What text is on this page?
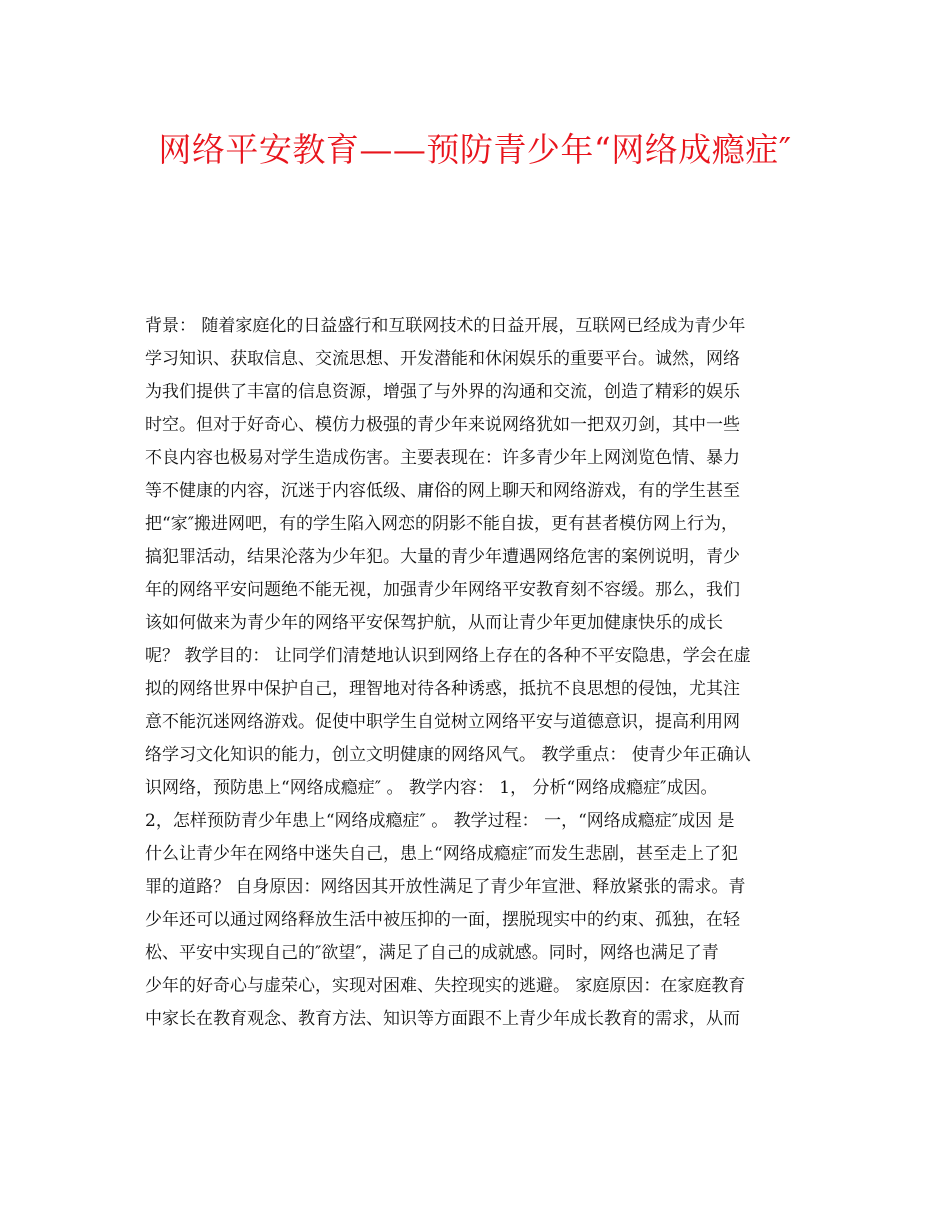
网络平安教育——预防青少年“网络成瘾症″
背景： 随着家庭化的日益盛行和互联网技术的日益开展，互联网已经成为青少年
学习知识、获取信息、交流思想、开发潜能和休闲娱乐的重要平台。诚然，网络
为我们提供了丰富的信息资源，增强了与外界的沟通和交流，创造了精彩的娱乐
时空。但对于好奇心、模仿力极强的青少年来说网络犹如一把双刃剑，其中一些
不良内容也极易对学生造成伤害。主要表现在：许多青少年上网浏览色情、暴力
等不健康的内容，沉迷于内容低级、庸俗的网上聊天和网络游戏，有的学生甚至
把“家″搬进网吧，有的学生陷入网恋的阴影不能自拔，更有甚者模仿网上行为，
搞犯罪活动，结果沦落为少年犯。大量的青少年遭遇网络危害的案例说明，青少
年的网络平安问题绝不能无视，加强青少年网络平安教育刻不容缓。那么，我们
该如何做来为青少年的网络平安保驾护航，从而让青少年更加健康快乐的成长
呢？ 教学目的： 让同学们清楚地认识到网络上存在的各种不平安隐患，学会在虚
拟的网络世界中保护自己，理智地对待各种诱惑，抵抗不良思想的侵蚀，尤其注
意不能沉迷网络游戏。促使中职学生自觉树立网络平安与道德意识，提高利用网
络学习文化知识的能力，创立文明健康的网络风气。 教学重点： 使青少年正确认
识网络，预防患上“网络成瘾症″ 。 教学内容： 1， 分析“网络成瘾症″成因。
2，怎样预防青少年患上“网络成瘾症″ 。 教学过程： 一，“网络成瘾症″成因 是
什么让青少年在网络中迷失自己，患上“网络成瘾症″而发生悲剧，甚至走上了犯
罪的道路？ 自身原因：网络因其开放性满足了青少年宣泄、释放紧张的需求。青
少年还可以通过网络释放生活中被压抑的一面，摆脱现实中的约束、孤独，在轻
松、平安中实现自己的″欲望″，满足了自己的成就感。同时，网络也满足了青
少年的好奇心与虚荣心，实现对困难、失控现实的逃避。 家庭原因：在家庭教育
中家长在教育观念、教育方法、知识等方面跟不上青少年成长教育的需求，从而
